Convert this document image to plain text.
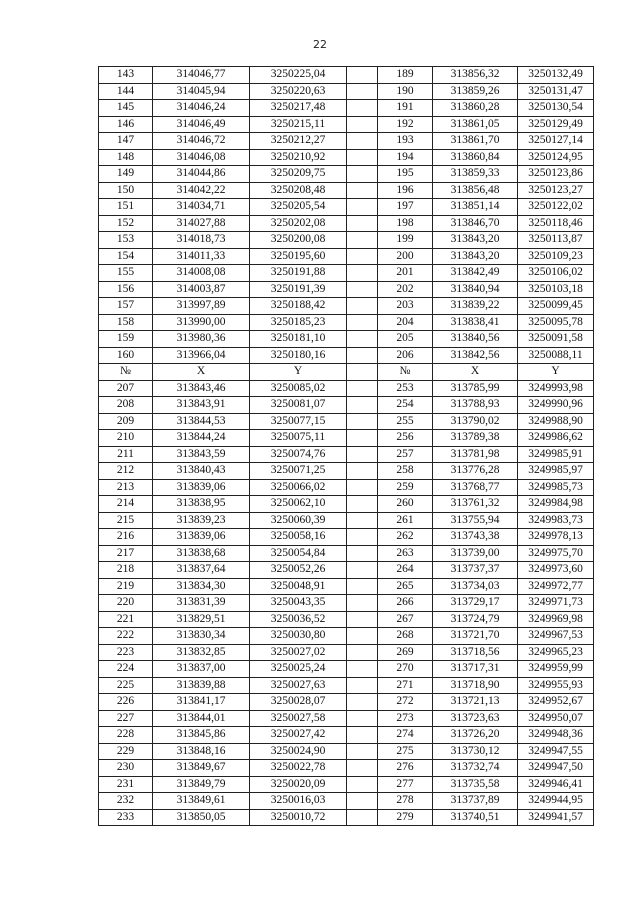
22
143	314046,77	3250225,04		189	313856,32	3250132,49
144	314045,94	3250220,63		190	313859,26	3250131,47
145	314046,24	3250217,48		191	313860,28	3250130,54
146	314046,49	3250215,11		192	313861,05	3250129,49
147	314046,72	3250212,27		193	313861,70	3250127,14
148	314046,08	3250210,92		194	313860,84	3250124,95
149	314044,86	3250209,75		195	313859,33	3250123,86
150	314042,22	3250208,48		196	313856,48	3250123,27
151	314034,71	3250205,54		197	313851,14	3250122,02
152	314027,88	3250202,08		198	313846,70	3250118,46
153	314018,73	3250200,08		199	313843,20	3250113,87
154	314011,33	3250195,60		200	313843,20	3250109,23
155	314008,08	3250191,88		201	313842,49	3250106,02
156	314003,87	3250191,39		202	313840,94	3250103,18
157	313997,89	3250188,42		203	313839,22	3250099,45
158	313990,00	3250185,23		204	313838,41	3250095,78
159	313980,36	3250181,10		205	313840,56	3250091,58
160	313966,04	3250180,16		206	313842,56	3250088,11
№	X	Y		№	X	Y
207	313843,46	3250085,02		253	313785,99	3249993,98
208	313843,91	3250081,07		254	313788,93	3249990,96
209	313844,53	3250077,15		255	313790,02	3249988,90
210	313844,24	3250075,11		256	313789,38	3249986,62
211	313843,59	3250074,76		257	313781,98	3249985,91
212	313840,43	3250071,25		258	313776,28	3249985,97
213	313839,06	3250066,02		259	313768,77	3249985,73
214	313838,95	3250062,10		260	313761,32	3249984,98
215	313839,23	3250060,39		261	313755,94	3249983,73
216	313839,06	3250058,16		262	313743,38	3249978,13
217	313838,68	3250054,84		263	313739,00	3249975,70
218	313837,64	3250052,26		264	313737,37	3249973,60
219	313834,30	3250048,91		265	313734,03	3249972,77
220	313831,39	3250043,35		266	313729,17	3249971,73
221	313829,51	3250036,52		267	313724,79	3249969,98
222	313830,34	3250030,80		268	313721,70	3249967,53
223	313832,85	3250027,02		269	313718,56	3249965,23
224	313837,00	3250025,24		270	313717,31	3249959,99
225	313839,88	3250027,63		271	313718,90	3249955,93
226	313841,17	3250028,07		272	313721,13	3249952,67
227	313844,01	3250027,58		273	313723,63	3249950,07
228	313845,86	3250027,42		274	313726,20	3249948,36
229	313848,16	3250024,90		275	313730,12	3249947,55
230	313849,67	3250022,78		276	313732,74	3249947,50
231	313849,79	3250020,09		277	313735,58	3249946,41
232	313849,61	3250016,03		278	313737,89	3249944,95
233	313850,05	3250010,72		279	313740,51	3249941,57
